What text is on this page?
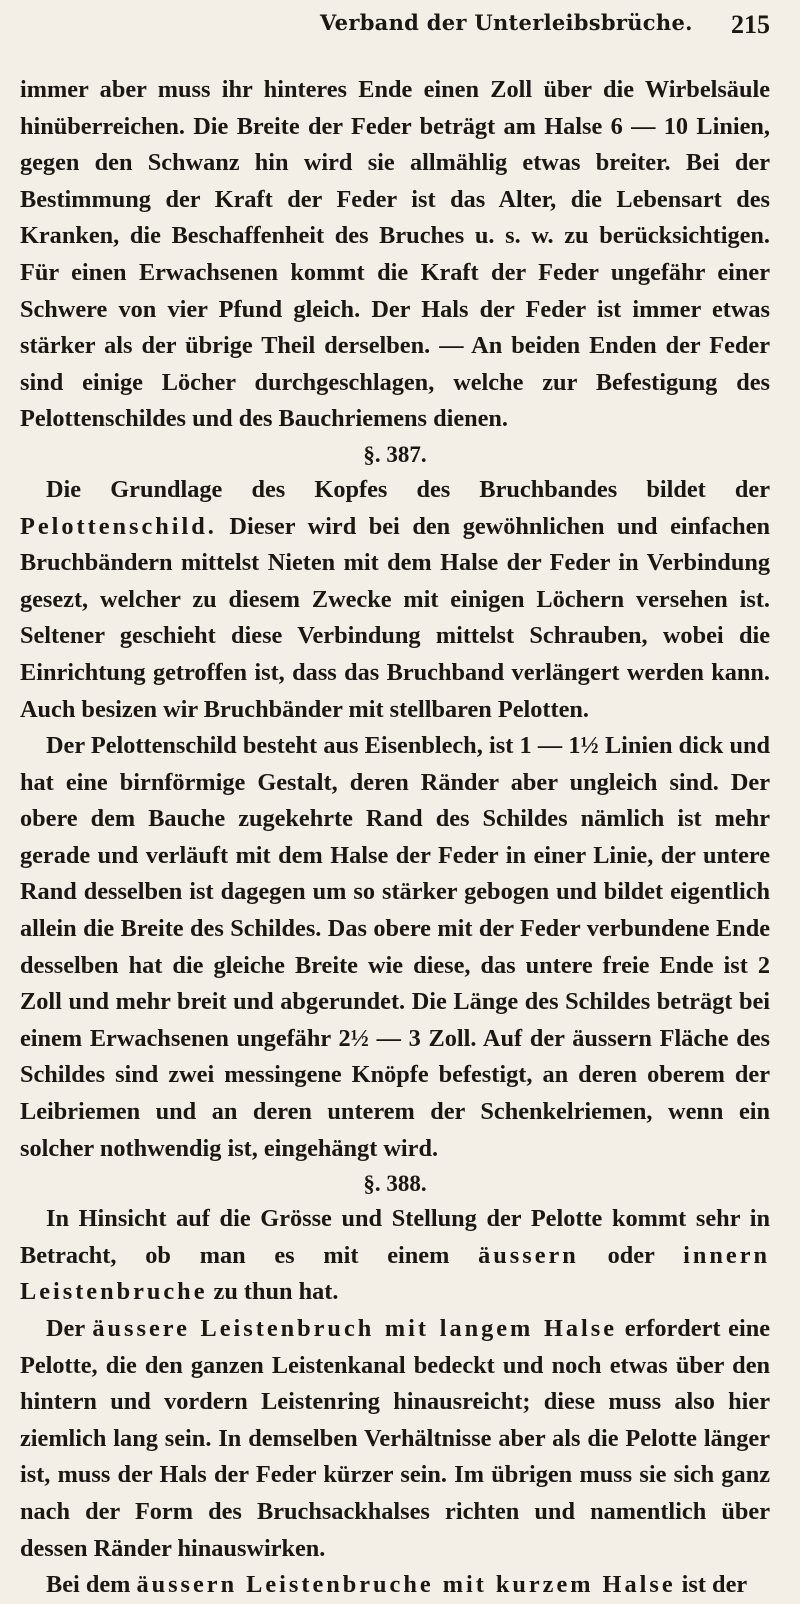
Verband der Unterleibsbrüche. 215

immer aber muss ihr hinteres Ende einen Zoll über die Wirbelsäule hinüberreichen. Die Breite der Feder beträgt am Halse 6 — 10 Linien, gegen den Schwanz hin wird sie allmählig etwas breiter. Bei der Bestimmung der Kraft der Feder ist das Alter, die Lebensart des Kranken, die Beschaffenheit des Bruches u. s. w. zu berücksichtigen. Für einen Erwachsenen kommt die Kraft der Feder ungefähr einer Schwere von vier Pfund gleich. Der Hals der Feder ist immer etwas stärker als der übrige Theil derselben. — An beiden Enden der Feder sind einige Löcher durchgeschlagen, welche zur Befestigung des Pelottenschildes und des Bauchriemens dienen.

§. 387.

Die Grundlage des Kopfes des Bruchbandes bildet der Pelottenschild. Dieser wird bei den gewöhnlichen und einfachen Bruchbändern mittelst Nieten mit dem Halse der Feder in Verbindung gesezt, welcher zu diesem Zwecke mit einigen Löchern versehen ist. Seltener geschieht diese Verbindung mittelst Schrauben, wobei die Einrichtung getroffen ist, dass das Bruchband verlängert werden kann. Auch besizen wir Bruchbänder mit stellbaren Pelotten.

Der Pelottenschild besteht aus Eisenblech, ist 1 — 1½ Linien dick und hat eine birnförmige Gestalt, deren Ränder aber ungleich sind. Der obere dem Bauche zugekehrte Rand des Schildes nämlich ist mehr gerade und verläuft mit dem Halse der Feder in einer Linie, der untere Rand desselben ist dagegen um so stärker gebogen und bildet eigentlich allein die Breite des Schildes. Das obere mit der Feder verbundene Ende desselben hat die gleiche Breite wie diese, das untere freie Ende ist 2 Zoll und mehr breit und abgerundet. Die Länge des Schildes beträgt bei einem Erwachsenen ungefähr 2½ — 3 Zoll. Auf der äussern Fläche des Schildes sind zwei messingene Knöpfe befestigt, an deren oberem der Leibriemen und an deren unterem der Schenkelriemen, wenn ein solcher nothwendig ist, eingehängt wird.

§. 388.

In Hinsicht auf die Grösse und Stellung der Pelotte kommt sehr in Betracht, ob man es mit einem äussern oder innern Leistenbruche zu thun hat.

Der äussere Leistenbruch mit langem Halse erfordert eine Pelotte, die den ganzen Leistenkanal bedeckt und noch etwas über den hintern und vordern Leistenring hinausreicht; diese muss also hier ziemlich lang sein. In demselben Verhältnisse aber als die Pelotte länger ist, muss der Hals der Feder kürzer sein. Im übrigen muss sie sich ganz nach der Form des Bruchsackhalses richten und namentlich über dessen Ränder hinauswirken.

Bei dem äussern Leistenbruche mit kurzem Halse ist der
